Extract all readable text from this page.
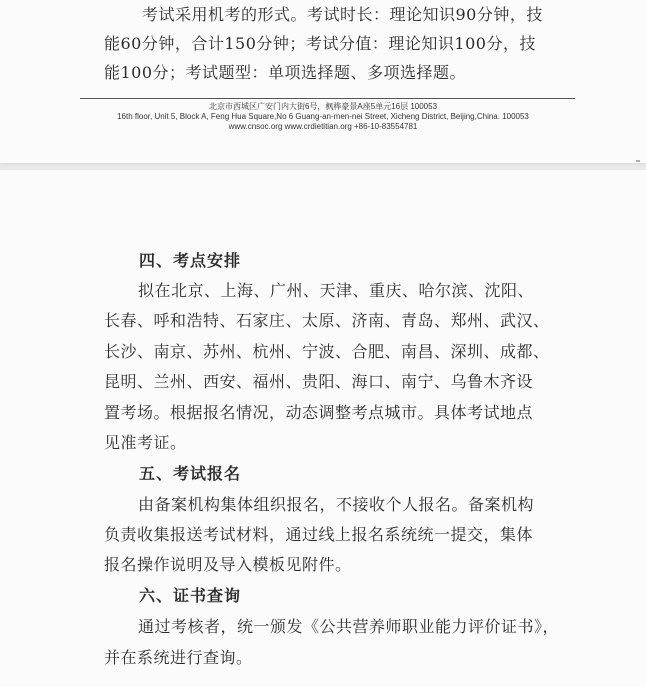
考试采用机考的形式。考试时长：理论知识90分钟，技
能60分钟，合计150分钟；考试分值：理论知识100分，技
能100分；考试题型：单项选择题、多项选择题。
北京市西城区广安门内大街6号，枫桦豪景A座5单元16层 100053
16th floor, Unit 5, Block A, Feng Hua Square,No 6 Guang-an-men-nei Street, Xicheng District, Beijing,China. 100053
www.cnsoc.org www.crdietitian.org +86-10-83554781
四、考点安排
拟在北京、上海、广州、天津、重庆、哈尔滨、沈阳、
长春、呼和浩特、石家庄、太原、济南、青岛、郑州、武汉、
长沙、南京、苏州、杭州、宁波、合肥、南昌、深圳、成都、
昆明、兰州、西安、福州、贵阳、海口、南宁、乌鲁木齐设
置考场。根据报名情况，动态调整考点城市。具体考试地点
见准考证。
五、考试报名
由备案机构集体组织报名，不接收个人报名。备案机构
负责收集报送考试材料，通过线上报名系统统一提交，集体
报名操作说明及导入模板见附件。
六、证书查询
通过考核者，统一颁发《公共营养师职业能力评价证书》，
并在系统进行查询。
